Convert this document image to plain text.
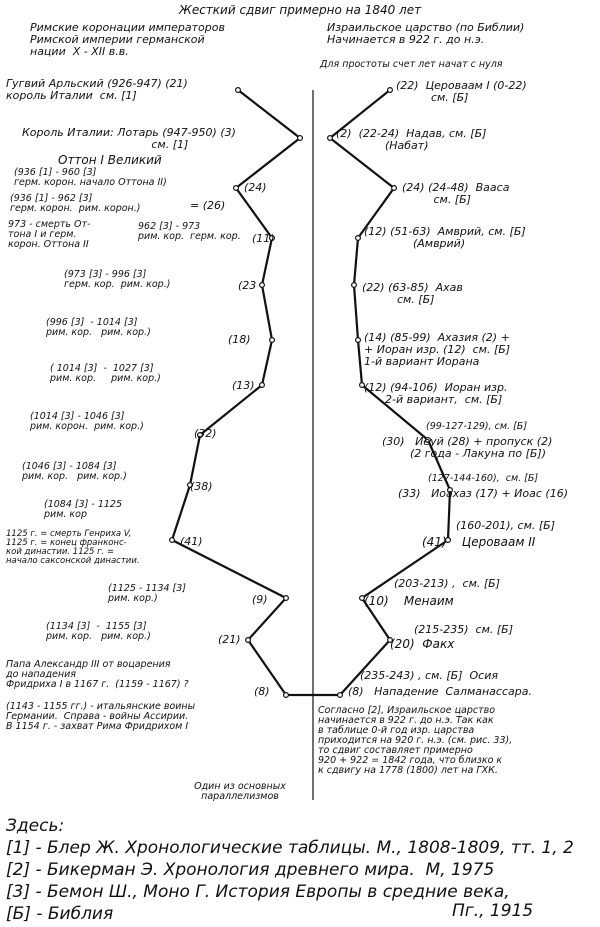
Жесткий сдвиг примерно на 1840 лет
Римские коронации императоров
Римской империи германской
нации  X - XII в.в.
Израильское царство (по Библии)
Начинается в 922 г. до н.э.
Для простоты счет лет начат с нуля
Гугвий Арльский (926-947) (21)
король Италии  см. [1]
Король Италии: Лотарь (947-950) (3)
см. [1]
Оттон I Великий
(936 [1] - 960 [3]
герм. корон. начало Оттона II)	(24)
(936 [1] - 962 [3]
герм. корон.  рим. корон.)	= (26)
973 - смерть От-
тона I и герм.
корон. Оттона II
962 [3] - 973
рим. кор.  герм. кор. (11)
(973 [3] - 996 [3]
герм. кор.  рим. кор.)	(23
(996 [3]  - 1014 [3]
рим. кор.   рим. кор.)
(18)
( 1014 [3]  -  1027 [3]
рим. кор.     рим. кор.)
(13)
(1014 [3] - 1046 [3]
рим. корон.  рим. кор.)
(32)
(1046 [3] - 1084 [3]
рим. кор.   рим. кор.)
(38)
(1084 [3] - 1125
рим. кор
1125 г. = смерть Генриха V,
1125 г. = конец франконс-
кой династии. 1125 г. =
начало саксонской династии.
(41)
(1125 - 1134 [3]
рим. кор.)	(9)
(1134 [3]  -  1155 [3]
рим. кор.   рим. кор.)	(21)
Папа Александр III от воцарения
до нападения
Фридриха I в 1167 г.  (1159 - 1167) ?
(8)
(1143 - 1155 гг.) - итальянские воины
Германии.  Справа - войны Ассирии.
В 1154 г. - захват Рима Фридрихом I
(22)  Цероваам I (0-22)
см. [Б]
(2)  (22-24)  Надав, см. [Б]
(Набат)
(24) (24-48)  Вааса
см. [Б]
(12) (51-63)  Амврий, см. [Б]
(Амврий)
(22) (63-85)  Ахав
см. [Б]
(14) (85-99)  Ахазия (2) +
+ Иоран изр. (12)  см. [Б]
1-й вариант Иорана
(12) (94-106)  Иоран изр.
2-й вариант,  см. [Б]
(99-127-129), см. [Б]
(30)   Иеуй (28) + пропуск (2)
(2 года - Лакуна по [Б])
(127-144-160),  см. [Б]
(33)   Иоахаз (17) + Иоас (16)
(160-201), см. [Б]
(41)    Цероваам II
(203-213) ,  см. [Б]
(10)    Менаим
(215-235)  см. [Б]
(20)  Факх
(235-243) , см. [Б]  Осия
(8)   Нападение  Салманассара.
Согласно [2], Израильское царство
начинается в 922 г. до н.э. Так как
в таблице 0-й год изр. царства
приходится на 920 г. н.э. (см. рис. 33),
то сдвиг составляет примерно
920 + 922 = 1842 года, что близко к
к сдвигу на 1778 (1800) лет на ГХК.
Один из основных
параллелизмов
Здесь:
[1] - Блер Ж. Хронологические таблицы. М., 1808-1809, тт. 1, 2
[2] - Бикерман Э. Хронология древнего мира.  М, 1975
[3] - Бемон Ш., Моно Г. История Европы в средние века,
[Б] - Библия	Пг., 1915
